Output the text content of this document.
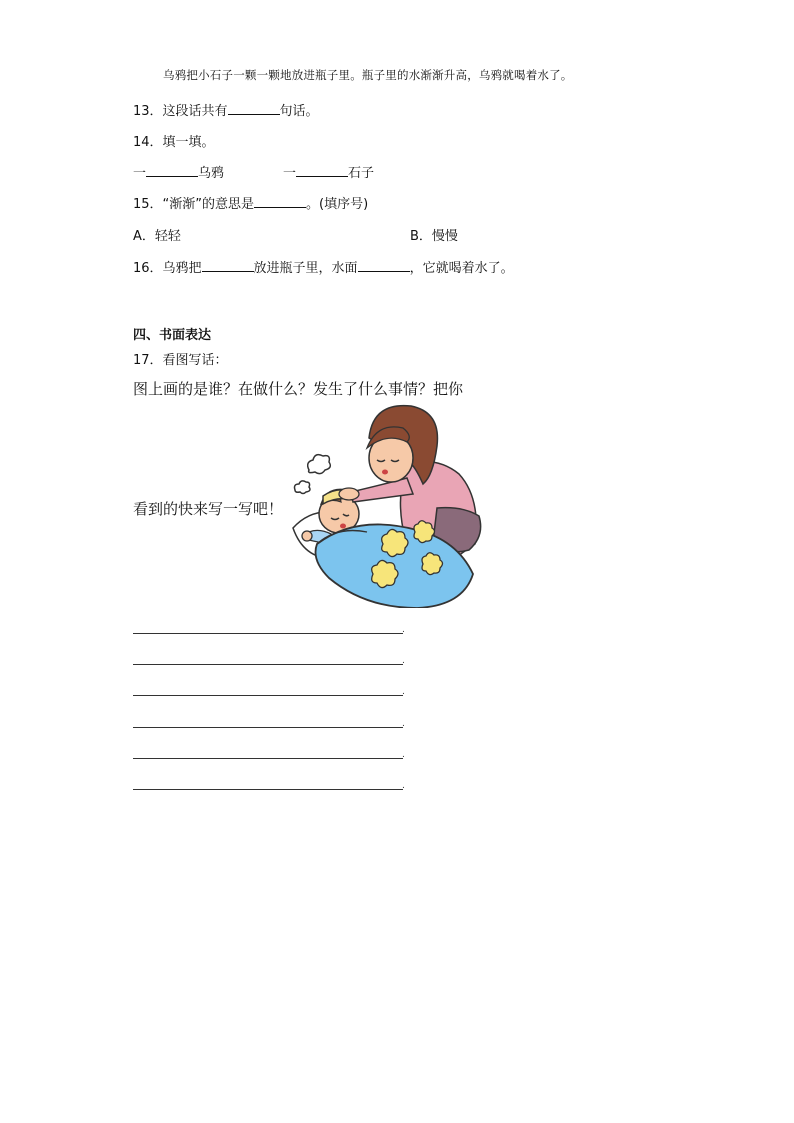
乌鸦把小石子一颗一颗地放进瓶子里。瓶子里的水渐渐升高，乌鸦就喝着水了。
13．这段话共有	句话。
14．填一填。
一	乌鸦	一	石子
15．“渐渐”的意思是	。(填序号)
A．轻轻	B．慢慢
16．乌鸦把	放进瓶子里，水面	，它就喝着水了。
四、书面表达
17．看图写话：
图上画的是谁？在做什么？发生了什么事情？把你
看到的快来写一写吧！
.
.
.
.
.
.
